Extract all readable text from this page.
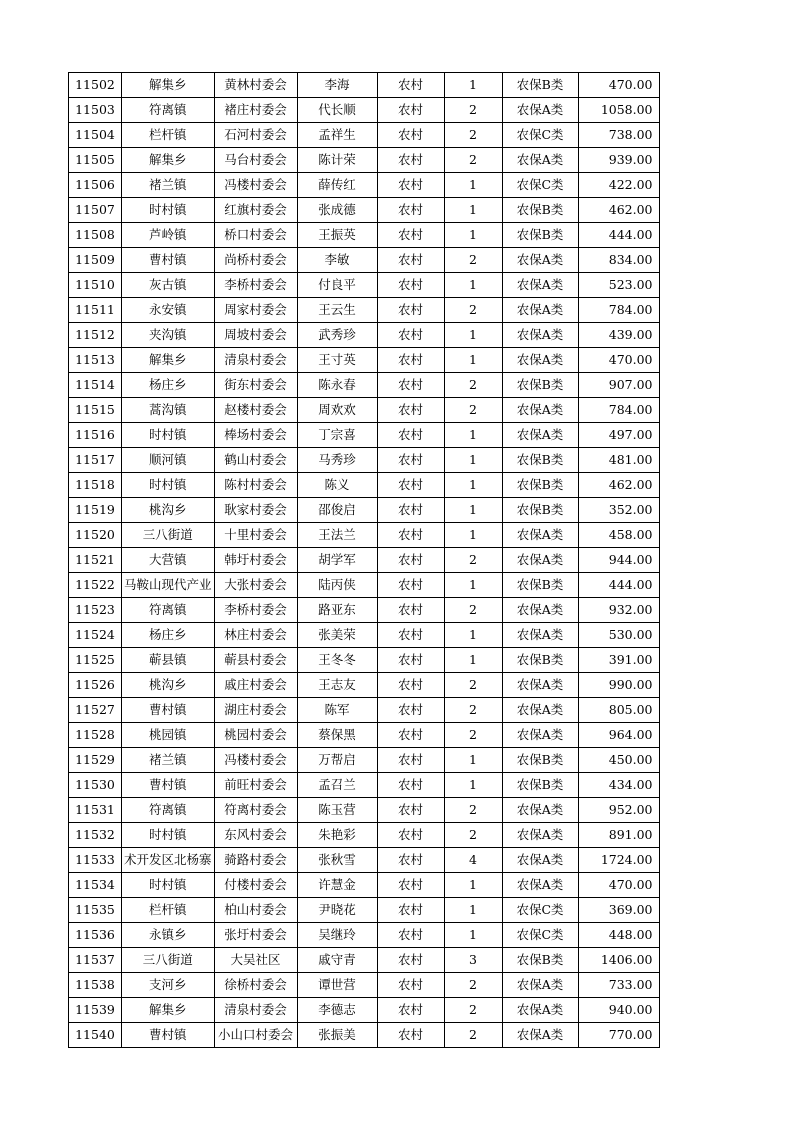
11502	解集乡	黄林村委会	李海	农村	1	农保B类	470.00
11503	符离镇	褚庄村委会	代长顺	农村	2	农保A类	1058.00
11504	栏杆镇	石河村委会	孟祥生	农村	2	农保C类	738.00
11505	解集乡	马台村委会	陈计荣	农村	2	农保A类	939.00
11506	褚兰镇	冯楼村委会	薛传红	农村	1	农保C类	422.00
11507	时村镇	红旗村委会	张成德	农村	1	农保B类	462.00
11508	芦岭镇	桥口村委会	王振英	农村	1	农保B类	444.00
11509	曹村镇	尚桥村委会	李敏	农村	2	农保A类	834.00
11510	灰古镇	李桥村委会	付良平	农村	1	农保A类	523.00
11511	永安镇	周家村委会	王云生	农村	2	农保A类	784.00
11512	夹沟镇	周坡村委会	武秀珍	农村	1	农保A类	439.00
11513	解集乡	清泉村委会	王寸英	农村	1	农保A类	470.00
11514	杨庄乡	街东村委会	陈永春	农村	2	农保B类	907.00
11515	蒿沟镇	赵楼村委会	周欢欢	农村	2	农保A类	784.00
11516	时村镇	棒场村委会	丁宗喜	农村	1	农保A类	497.00
11517	顺河镇	鹤山村委会	马秀珍	农村	1	农保B类	481.00
11518	时村镇	陈村村委会	陈义	农村	1	农保B类	462.00
11519	桃沟乡	耿家村委会	邵俊启	农村	1	农保B类	352.00
11520	三八街道	十里村委会	王法兰	农村	1	农保A类	458.00
11521	大营镇	韩圩村委会	胡学军	农村	2	农保A类	944.00
11522	马鞍山现代产业	大张村委会	陆丙侠	农村	1	农保B类	444.00
11523	符离镇	李桥村委会	路亚东	农村	2	农保A类	932.00
11524	杨庄乡	林庄村委会	张美荣	农村	1	农保A类	530.00
11525	蕲县镇	蕲县村委会	王冬冬	农村	1	农保B类	391.00
11526	桃沟乡	戚庄村委会	王志友	农村	2	农保A类	990.00
11527	曹村镇	湖庄村委会	陈军	农村	2	农保A类	805.00
11528	桃园镇	桃园村委会	蔡保黑	农村	2	农保A类	964.00
11529	褚兰镇	冯楼村委会	万帮启	农村	1	农保B类	450.00
11530	曹村镇	前旺村委会	孟召兰	农村	1	农保B类	434.00
11531	符离镇	符离村委会	陈玉营	农村	2	农保A类	952.00
11532	时村镇	东风村委会	朱艳彩	农村	2	农保A类	891.00
11533	术开发区北杨寨	骑路村委会	张秋雪	农村	4	农保A类	1724.00
11534	时村镇	付楼村委会	许慧金	农村	1	农保A类	470.00
11535	栏杆镇	柏山村委会	尹晓花	农村	1	农保C类	369.00
11536	永镇乡	张圩村委会	吴继玲	农村	1	农保C类	448.00
11537	三八街道	大吴社区	戚守青	农村	3	农保B类	1406.00
11538	支河乡	徐桥村委会	谭世营	农村	2	农保A类	733.00
11539	解集乡	清泉村委会	李德志	农村	2	农保A类	940.00
11540	曹村镇	小山口村委会	张振美	农村	2	农保A类	770.00
